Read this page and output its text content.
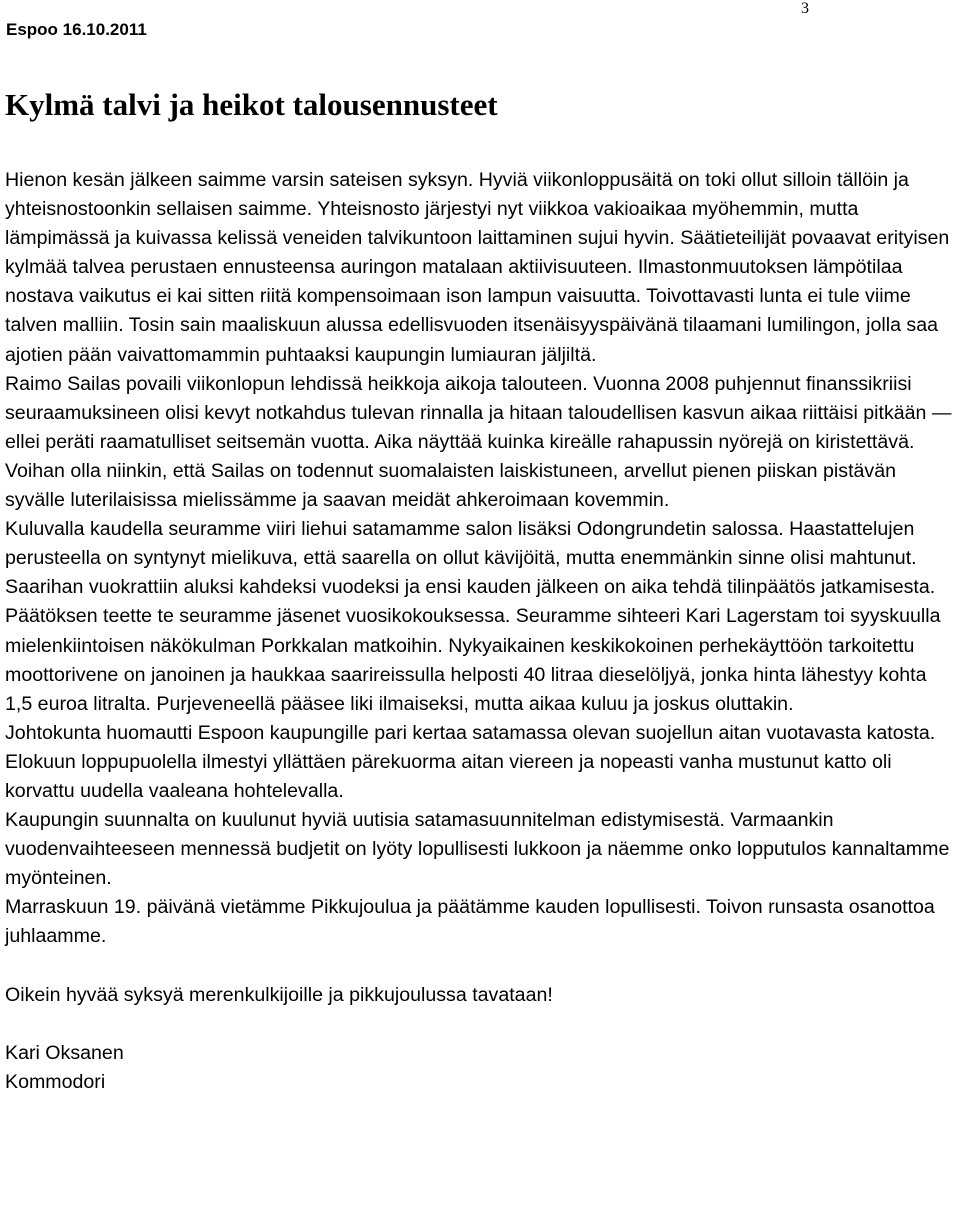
Espoo 16.10.2011

3

Kylmä talvi ja heikot talousennusteet

Hienon kesän jälkeen saimme varsin sateisen syksyn. Hyviä viikonloppusäitä on toki ollut silloin tällöin ja yhteisnostoonkin sellaisen saimme. Yhteisnosto järjestyi nyt viikkoa vakioaikaa myöhemmin, mutta lämpimässä ja kuivassa kelissä veneiden talvikuntoon laittaminen sujui hyvin. Säätieteilijät povaavat erityisen kylmää talvea perustaen ennusteensa auringon matalaan aktiivisuuteen. Ilmastonmuutoksen lämpötilaa nostava vaikutus ei kai sitten riitä kompensoimaan ison lampun vaisuutta. Toivottavasti lunta ei tule viime talven malliin. Tosin sain maaliskuun alussa edellisvuoden itsenäisyyspäivänä tilaamani lumilingon, jolla saa ajotien pään vaivattomammin puhtaaksi kaupungin lumiauran jäljiltä.

Raimo Sailas povaili viikonlopun lehdissä heikkoja aikoja talouteen. Vuonna 2008 puhjennut finanssikriisi seuraamuksineen olisi kevyt notkahdus tulevan rinnalla ja hitaan taloudellisen kasvun aikaa riittäisi pitkään — ellei peräti raamatulliset seitsemän vuotta. Aika näyttää kuinka kireälle rahapussin nyörejä on kiristettävä. Voihan olla niinkin, että Sailas on todennut suomalaisten laiskistuneen, arvellut pienen piiskan pistävän syvälle luterilaisissa mielissämme ja saavan meidät ahkeroimaan kovemmin.

Kuluvalla kaudella seuramme viiri liehui satamamme salon lisäksi Odongrundetin salossa. Haastattelujen perusteella on syntynyt mielikuva, että saarella on ollut kävijöitä, mutta enemmänkin sinne olisi mahtunut. Saarihan vuokrattiin aluksi kahdeksi vuodeksi ja ensi kauden jälkeen on aika tehdä tilinpäätös jatkamisesta. Päätöksen teette te seuramme jäsenet vuosikokouksessa. Seuramme sihteeri Kari Lagerstam toi syyskuulla mielenkiintoisen näkökulman Porkkalan matkoihin. Nykyaikainen keskikokoinen perhekäyttöön tarkoitettu moottorivene on janoinen ja haukkaa saarireissulla helposti 40 litraa dieselöljyä, jonka hinta lähestyy kohta 1,5 euroa litralta. Purjeveneellä pääsee liki ilmaiseksi, mutta aikaa kuluu ja joskus oluttakin.

Johtokunta huomautti Espoon kaupungille pari kertaa satamassa olevan suojellun aitan vuotavasta katosta. Elokuun loppupuolella ilmestyi yllättäen pärekuorma aitan viereen ja nopeasti vanha mustunut katto oli korvattu uudella vaaleana hohtelevalla.

Kaupungin suunnalta on kuulunut hyviä uutisia satamasuunnitelman edistymisestä. Varmaankin vuodenvaihteeseen mennessä budjetit on lyöty lopullisesti lukkoon ja näemme onko lopputulos kannaltamme myönteinen.

Marraskuun 19. päivänä vietämme Pikkujoulua ja päätämme kauden lopullisesti. Toivon runsasta osanottoa juhlaamme.

Oikein hyvää syksyä merenkulkijoille ja pikkujoulussa tavataan!

Kari Oksanen

Kommodori
